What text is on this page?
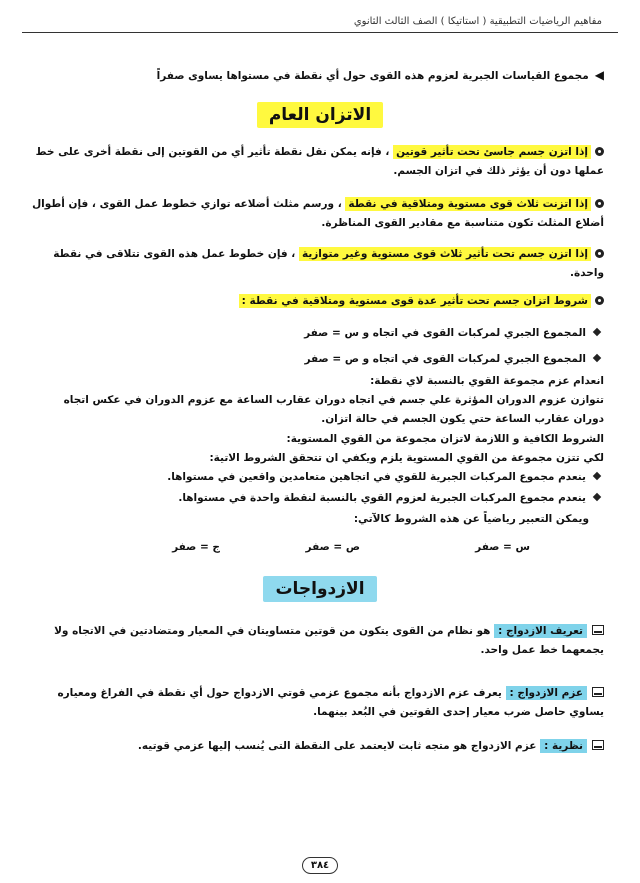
مفاهيم الرياضيات التطبيقية ( استاتيكا ) الصف الثالث الثانوي
◀مجموع القياسات الجبرية لعزوم هذه القوى حول أي نقطة في مستواها يساوى صفراً
الاتزان العام
إذا اتزن جسم جاسئ تحت تأثير قوتين ، فإنه يمكن نقل نقطة تأثير أي من القوتين إلى نقطة أخرى على خط عملها دون أن يؤثر ذلك في اتزان الجسم.
إذا اتزنت ثلاث قوى مستوية ومتلاقية في نقطة ، ورسم مثلث أضلاعه توازي خطوط عمل القوى ، فإن أطوال أضلاع المثلث تكون متناسبة مع مقادير القوى المناظرة.
إذا اتزن جسم تحت تأثير ثلاث قوى مستوية وغير متوازية ، فإن خطوط عمل هذه القوى تتلاقى في نقطة واحدة.
شروط اتزان جسم تحت تأثير عدة قوى مستوية ومتلاقية في نقطة :
المجموع الجبري لمركبات القوى في اتجاه و س = صفر
المجموع الجبري لمركبات القوى في اتجاه و ص = صفر
انعدام عزم مجموعة القوي بالنسبة لاي نقطة:
تتوازن عزوم الدوران المؤثرة علي جسم في اتجاه دوران عقارب الساعة مع عزوم الدوران في عكس اتجاه دوران عقارب الساعة حتي يكون الجسم في حالة اتزان.
الشروط الكافية و اللازمة لاتزان مجموعة من القوي المستوية:
لكي تتزن مجموعة من القوي المستوية يلزم ويكفي ان تتحقق الشروط الاتية:
ينعدم مجموع المركبات الجبرية للقوي في اتجاهين متعامدين واقعين في مستواها.
ينعدم مجموع المركبات الجبرية لعزوم القوي بالنسبة لنقطة واحدة في مستواها.
ويمكن التعبير رياضياً عن هذه الشروط كالآتي:
س = صفر
ص = صفر
ج = صفر
الازدواجات
تعريف الازدواج : هو نظام من القوى يتكون من قوتين متساويتان في المعيار ومتضادتين في الاتجاه ولا يجمعهما خط عمل واحد.
عزم الازدواج : يعرف عزم الازدواج بأنه مجموع عزمي قوتي الازدواج حول أي نقطة في الفراغ ومعياره يساوي حاصل ضرب معيار إحدى القوتين في البُعد بينهما.
نظرية : عزم الازدواج هو متجه ثابت لايعتمد على النقطة التى يُنسب إليها عزمي قوتيه.
٣٨٤
